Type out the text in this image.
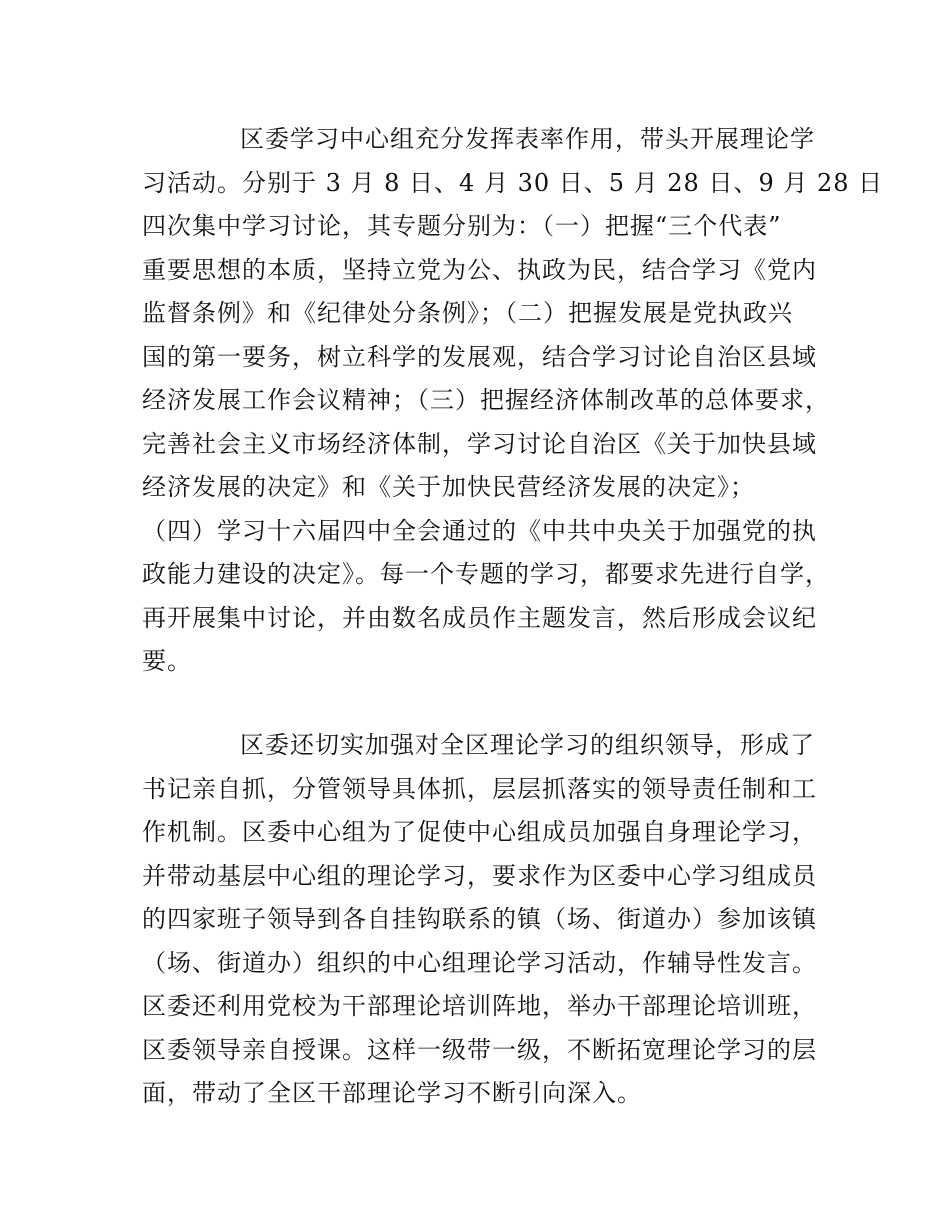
区委学习中心组充分发挥表率作用，带头开展理论学
习活动。分别于 3 月 8 日、4 月 30 日、5 月 28 日、9 月 28 日
四次集中学习讨论，其专题分别为：（一）把握“三个代表”
重要思想的本质，坚持立党为公、执政为民，结合学习《党内
监督条例》和《纪律处分条例》；（二）把握发展是党执政兴
国的第一要务，树立科学的发展观，结合学习讨论自治区县域
经济发展工作会议精神；（三）把握经济体制改革的总体要求，
完善社会主义市场经济体制，学习讨论自治区《关于加快县域
经济发展的决定》和《关于加快民营经济发展的决定》；
（四）学习十六届四中全会通过的《中共中央关于加强党的执
政能力建设的决定》。每一个专题的学习，都要求先进行自学，
再开展集中讨论，并由数名成员作主题发言，然后形成会议纪
要。
区委还切实加强对全区理论学习的组织领导，形成了
书记亲自抓，分管领导具体抓，层层抓落实的领导责任制和工
作机制。区委中心组为了促使中心组成员加强自身理论学习，
并带动基层中心组的理论学习，要求作为区委中心学习组成员
的四家班子领导到各自挂钩联系的镇（场、街道办）参加该镇
（场、街道办）组织的中心组理论学习活动，作辅导性发言。
区委还利用党校为干部理论培训阵地，举办干部理论培训班，
区委领导亲自授课。这样一级带一级，不断拓宽理论学习的层
面，带动了全区干部理论学习不断引向深入。
